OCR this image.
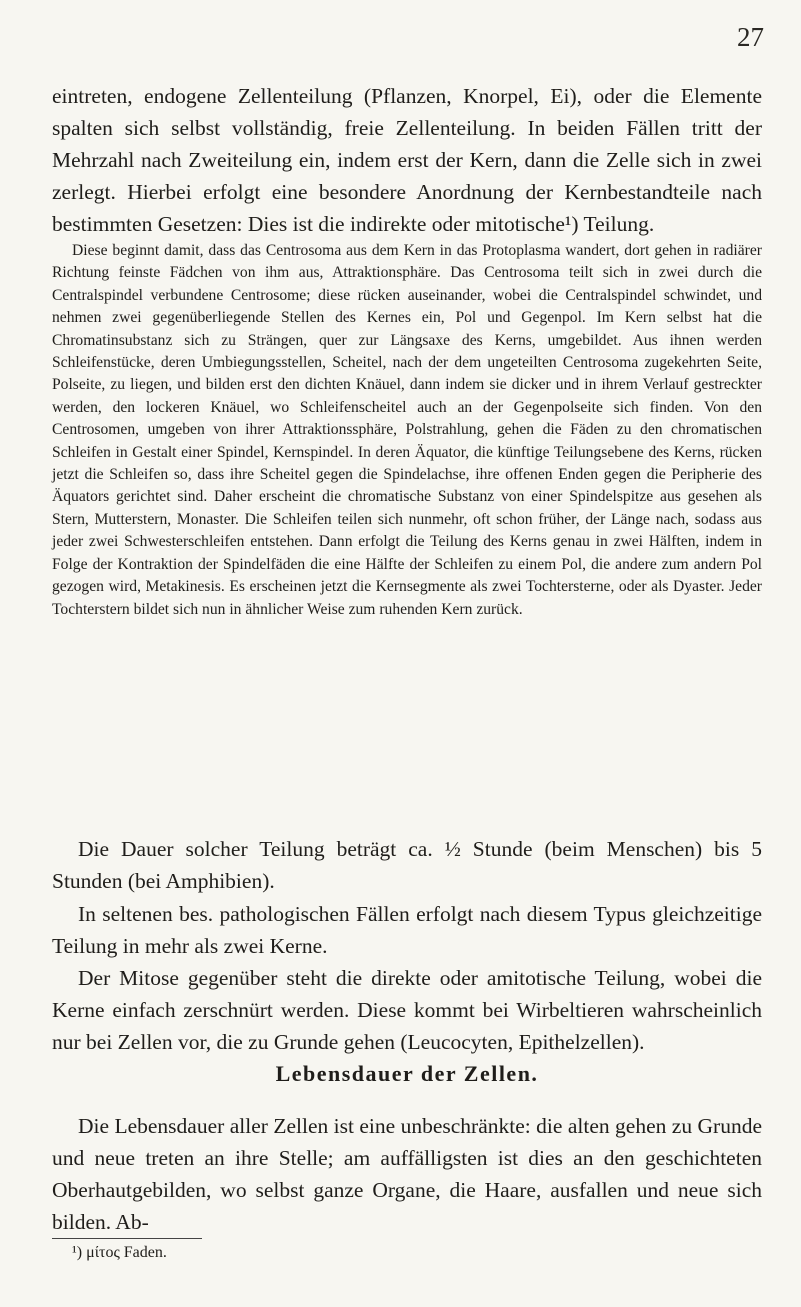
27

eintreten, endogene Zellenteilung (Pflanzen, Knorpel, Ei), oder die Elemente spalten sich selbst vollständig, freie Zellenteilung. In beiden Fällen tritt der Mehrzahl nach Zweiteilung ein, indem erst der Kern, dann die Zelle sich in zwei zerlegt. Hierbei erfolgt eine besondere Anordnung der Kernbestandteile nach bestimmten Gesetzen: Dies ist die indirekte oder mitotische¹) Teilung.

Diese beginnt damit, dass das Centrosoma aus dem Kern in das Protoplasma wandert, dort gehen in radiärer Richtung feinste Fädchen von ihm aus, Attraktionsphäre. Das Centrosoma teilt sich in zwei durch die Centralspindel verbundene Centrosome; diese rücken auseinander, wobei die Centralspindel schwindet, und nehmen zwei gegenüberliegende Stellen des Kernes ein, Pol und Gegenpol. Im Kern selbst hat die Chromatinsubstanz sich zu Strängen, quer zur Längsaxe des Kerns, umgebildet. Aus ihnen werden Schleifenstücke, deren Umbiegungsstellen, Scheitel, nach der dem ungeteilten Centrosoma zugekehrten Seite, Polseite, zu liegen, und bilden erst den dichten Knäuel, dann indem sie dicker und in ihrem Verlauf gestreckter werden, den lockeren Knäuel, wo Schleifenscheitel auch an der Gegenpolseite sich finden. Von den Centrosomen, umgeben von ihrer Attraktionssphäre, Polstrahlung, gehen die Fäden zu den chromatischen Schleifen in Gestalt einer Spindel, Kernspindel. In deren Äquator, die künftige Teilungsebene des Kerns, rücken jetzt die Schleifen so, dass ihre Scheitel gegen die Spindelachse, ihre offenen Enden gegen die Peripherie des Äquators gerichtet sind. Daher erscheint die chromatische Substanz von einer Spindelspitze aus gesehen als Stern, Mutterstern, Monaster. Die Schleifen teilen sich nunmehr, oft schon früher, der Länge nach, sodass aus jeder zwei Schwesterschleifen entstehen. Dann erfolgt die Teilung des Kerns genau in zwei Hälften, indem in Folge der Kontraktion der Spindelfäden die eine Hälfte der Schleifen zu einem Pol, die andere zum andern Pol gezogen wird, Metakinesis. Es erscheinen jetzt die Kernsegmente als zwei Tochtersterne, oder als Dyaster. Jeder Tochterstern bildet sich nun in ähnlicher Weise zum ruhenden Kern zurück.

Die Dauer solcher Teilung beträgt ca. ½ Stunde (beim Menschen) bis 5 Stunden (bei Amphibien).

In seltenen bes. pathologischen Fällen erfolgt nach diesem Typus gleichzeitige Teilung in mehr als zwei Kerne.

Der Mitose gegenüber steht die direkte oder amitotische Teilung, wobei die Kerne einfach zerschnürt werden. Diese kommt bei Wirbeltieren wahrscheinlich nur bei Zellen vor, die zu Grunde gehen (Leucocyten, Epithelzellen).

Lebensdauer der Zellen.

Die Lebensdauer aller Zellen ist eine unbeschränkte: die alten gehen zu Grunde und neue treten an ihre Stelle; am auffälligsten ist dies an den geschichteten Oberhautgebilden, wo selbst ganze Organe, die Haare, ausfallen und neue sich bilden. Ab-

¹) μίτος Faden.
